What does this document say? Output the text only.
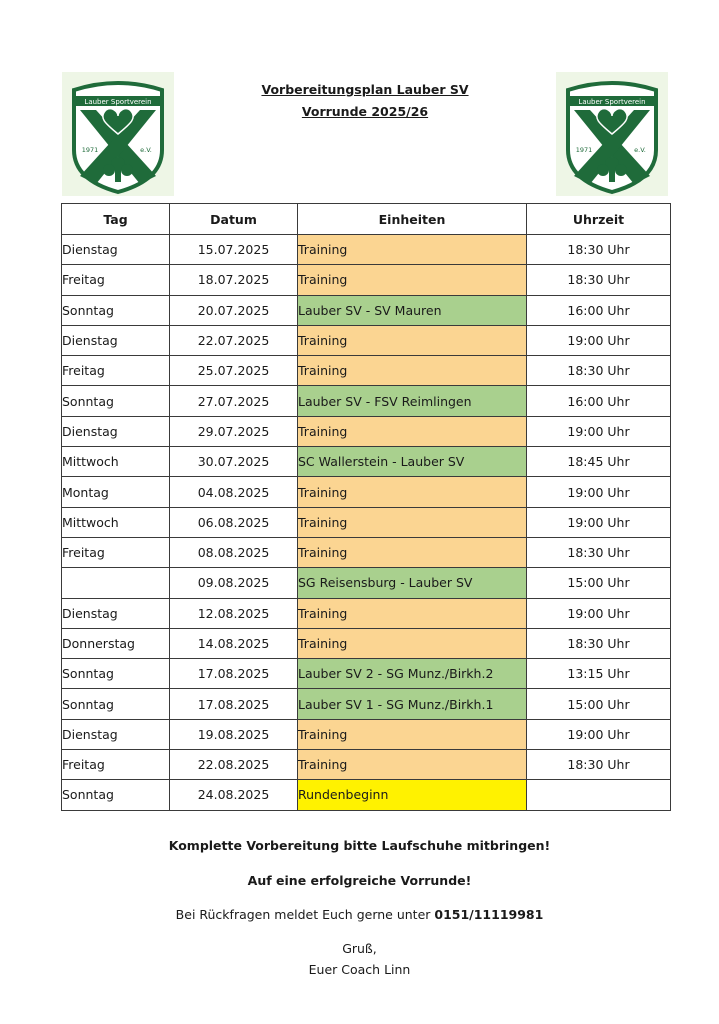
Lauber Sportverein
1971	e.V.
Lauber Sportverein
1971	e.V.
Vorbereitungsplan Lauber SV
Vorrunde 2025/26
Tag	Datum	Einheiten	Uhrzeit
Dienstag	15.07.2025	Training	18:30 Uhr
Freitag	18.07.2025	Training	18:30 Uhr
Sonntag	20.07.2025	Lauber SV - SV Mauren	16:00 Uhr
Dienstag	22.07.2025	Training	19:00 Uhr
Freitag	25.07.2025	Training	18:30 Uhr
Sonntag	27.07.2025	Lauber SV - FSV Reimlingen	16:00 Uhr
Dienstag	29.07.2025	Training	19:00 Uhr
Mittwoch	30.07.2025	SC Wallerstein - Lauber SV	18:45 Uhr
Montag	04.08.2025	Training	19:00 Uhr
Mittwoch	06.08.2025	Training	19:00 Uhr
Freitag	08.08.2025	Training	18:30 Uhr
	09.08.2025	SG Reisensburg - Lauber SV	15:00 Uhr
Dienstag	12.08.2025	Training	19:00 Uhr
Donnerstag	14.08.2025	Training	18:30 Uhr
Sonntag	17.08.2025	Lauber SV 2 - SG Munz./Birkh.2	13:15 Uhr
Sonntag	17.08.2025	Lauber SV 1 - SG Munz./Birkh.1	15:00 Uhr
Dienstag	19.08.2025	Training	19:00 Uhr
Freitag	22.08.2025	Training	18:30 Uhr
Sonntag	24.08.2025	Rundenbeginn	
Komplette Vorbereitung bitte Laufschuhe mitbringen!
Auf eine erfolgreiche Vorrunde!
Bei Rückfragen meldet Euch gerne unter 0151/11119981
Gruß,
Euer Coach Linn
